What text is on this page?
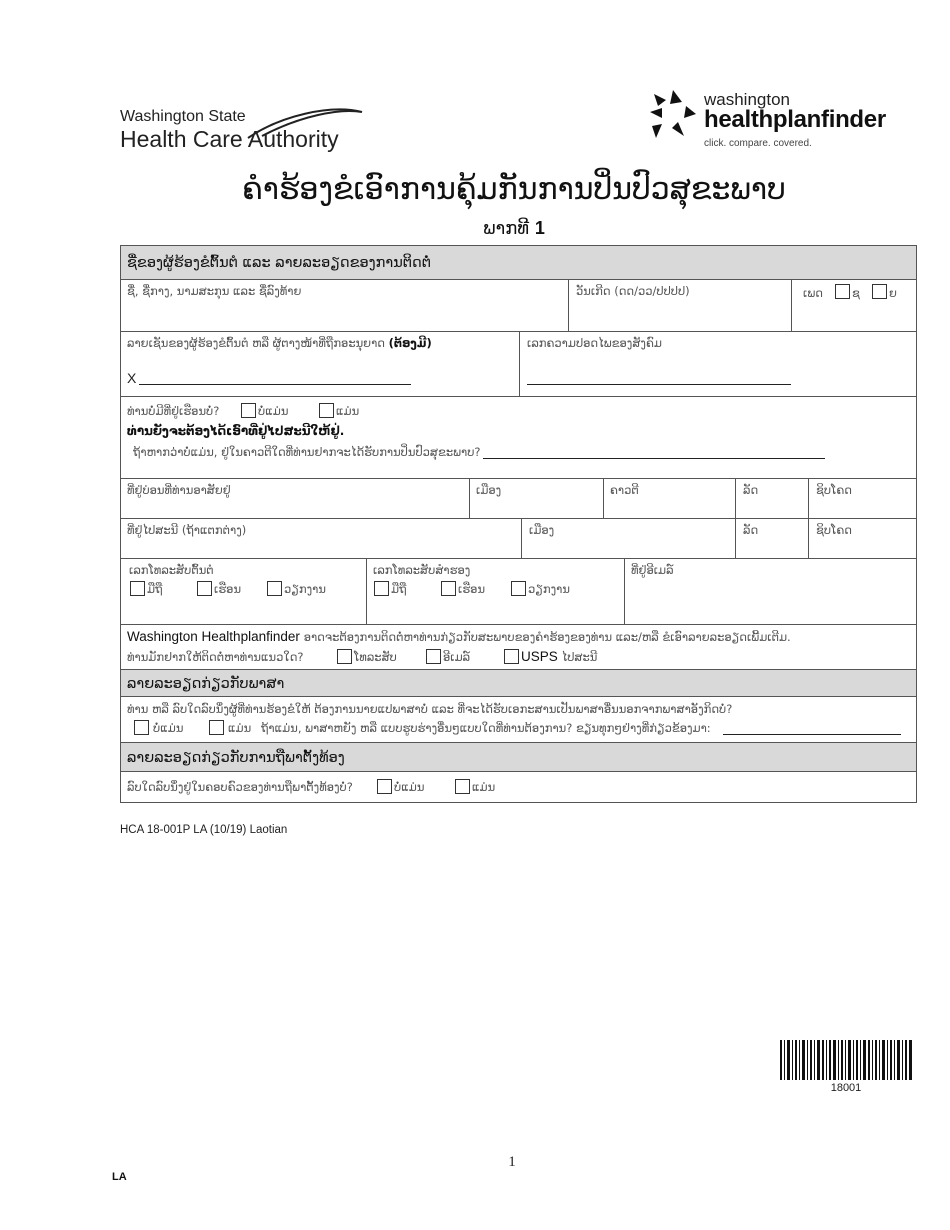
Washington State
Health Care Authority
washington
healthplanfinder
click. compare. covered.
ຄຳຮ້ອງຂໍເອົາການຄຸ້ມກັນການປິ່ນປົວສຸຂະພາບ
ພາກທີ 1
ຊື່ຂອງຜູ້ຮ້ອງຂໍຕົ້ນຕໍ ແລະ ລາຍລະອຽດຂອງການຕິດຕໍ່
ຊື່, ຊື່ກາງ, ນາມສະກຸນ ແລະ ຊື່ລົງທ້າຍ	ວັນເກີດ (ດດ/ວວ/ປປປປ)	ເພດ	ຊ	ຍ
ລາຍເຊັນຂອງຜູ້ຮ້ອງຂໍຕົ້ນຕໍ ຫລື ຜູ້ຕາງໜ້າທີ່ຖືກອະນຸຍາດ (ຕ້ອງມີ)
X
ເລກຄວາມປອດໄພຂອງສັງຄົມ
ທ່ານບໍ່ມີທີ່ຢູ່ເຮືອນບໍ່?	ບໍ່ແມ່ນ	ແມ່ນ
ທ່ານຍັງຈະຕ້ອງໄດ້ເອົາທີ່ຢູ່ໄປສະນີໃຫ້ຢູ່.
ຖ້າຫາກວ່າບໍ່ແມ່ນ, ຢູ່ໃນຄາວຕີໃດທີ່ທ່ານຢາກຈະໄດ້ຮັບການປິ່ນປົວສຸຂະພາບ?
ທີ່ຢູ່ບ່ອນທີ່ທ່ານອາສັຍຢູ່	ເມືອງ	ຄາວຕີ	ລັດ	ຊິບໂຄດ
ທີ່ຢູ່ໄປສະນີ (ຖ້າແຕກຕ່າງ)	ເມືອງ	ລັດ	ຊິບໂຄດ
ເລກໂທລະສັບຕົ້ນຕໍ
ມືຖື	ເຮືອນ	ວຽກງານ
ເລກໂທລະສັບສຳຮອງ
ມືຖື	ເຮືອນ	ວຽກງານ
ທີ່ຢູ່ອີເມລ໌
Washington Healthplanfinder ອາດຈະຕ້ອງການຕິດຕໍ່ຫາທ່ານກ່ຽວກັບສະພາບຂອງຄຳຮ້ອງຂອງທ່ານ ແລະ/ຫລື ຂໍເອົາລາຍລະອຽດເພີ້ມເຕີມ.
ທ່ານມັກຢາກໃຫ້ຕິດຕໍ່ຫາທ່ານແນວໃດ?	ໂທລະສັບ	ອີເມລ໌	USPS ໄປສະນີ
ລາຍລະອຽດກ່ຽວກັບພາສາ
ທ່ານ ຫລື ລົບໃດລົບນຶ່ງຜູ້ທີ່ທ່ານຮ້ອງຂໍໃຫ້ ຕ້ອງການນາຍແປພາສາບໍ່ ແລະ ທີ່ຈະໄດ້ຮັບເອກະສານເປັນພາສາອື່ນນອກຈາກພາສາອັງກິດບໍ່?
ບໍ່ແມ່ນ	ແມ່ນ ຖ້າແມ່ນ, ພາສາຫຍັງ ຫລື ແບບຮູບຮ່າງອື່ນໆແບບໃດທີ່ທ່ານຕ້ອງການ? ຂຽນທຸກໆຢ່າງທີ່ກ່ຽວຂ້ອງມາ:
ລາຍລະອຽດກ່ຽວກັບການຖືພາຕັ້ງທ້ອງ
ລົບໃດລົບນຶ່ງຢູ່ໃນຄອບຄົວຂອງທ່ານຖືພາຕັ້ງທ້ອງບໍ່?	ບໍ່ແມ່ນ	ແມ່ນ
HCA 18-001P LA (10/19) Laotian
18001
1
LA
